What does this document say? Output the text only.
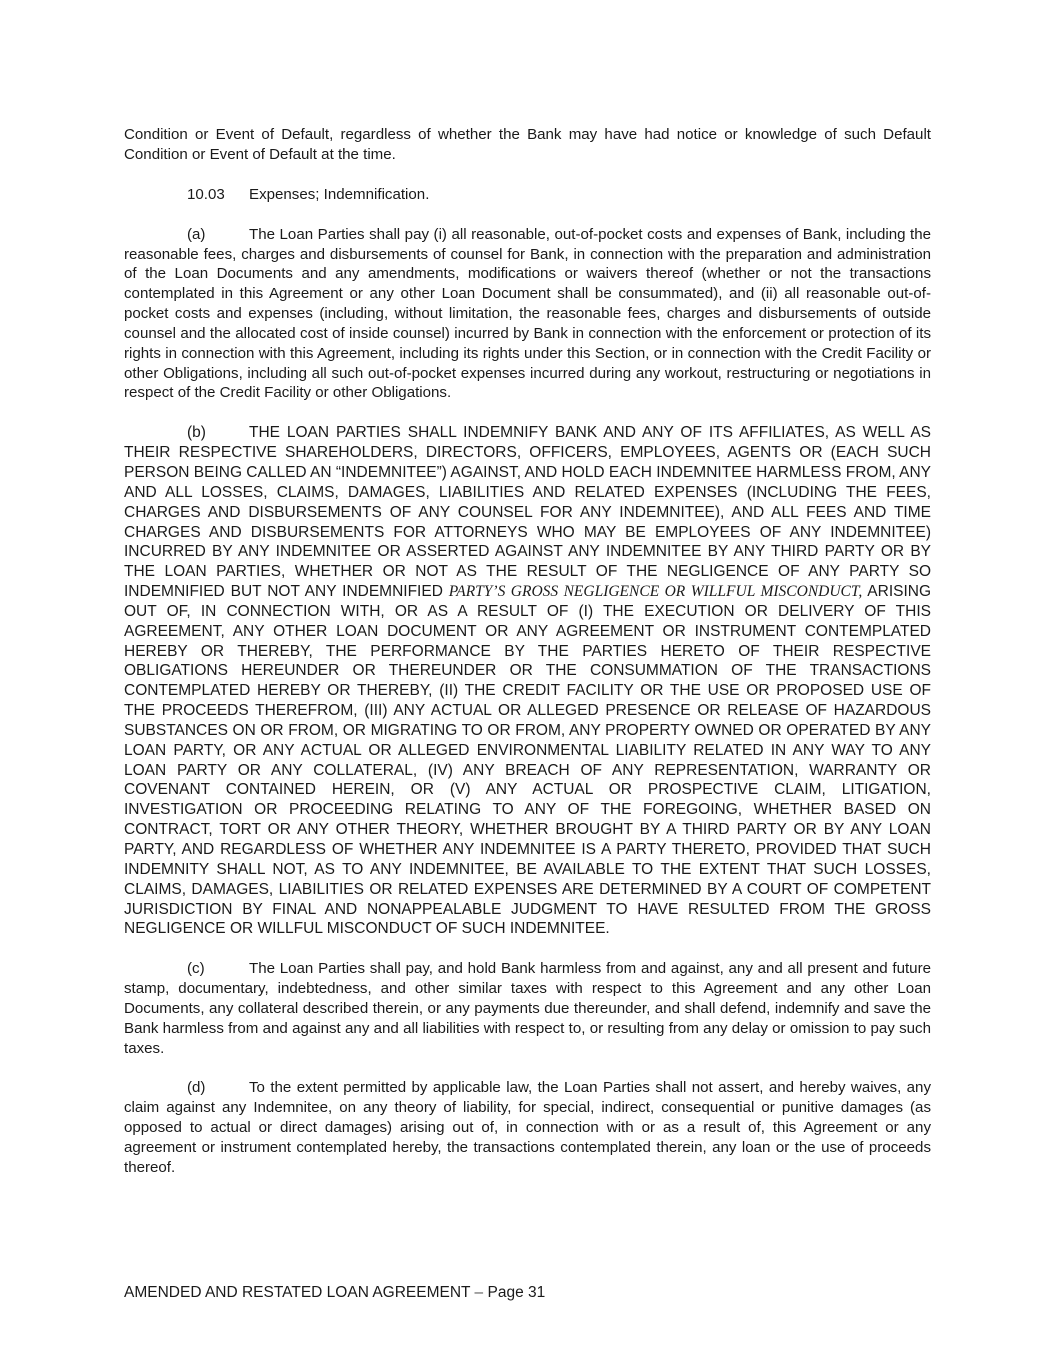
Condition or Event of Default, regardless of whether the Bank may have had notice or knowledge of such Default Condition or Event of Default at the time.

10.03 Expenses; Indemnification.

(a)	The Loan Parties shall pay (i) all reasonable, out-of-pocket costs and expenses of Bank, including the reasonable fees, charges and disbursements of counsel for Bank, in connection with the preparation and administration of the Loan Documents and any amendments, modifications or waivers thereof (whether or not the transactions contemplated in this Agreement or any other Loan Document shall be consummated), and (ii) all reasonable out-of-pocket costs and expenses (including, without limitation, the reasonable fees, charges and disbursements of outside counsel and the allocated cost of inside counsel) incurred by Bank in connection with the enforcement or protection of its rights in connection with this Agreement, including its rights under this Section, or in connection with the Credit Facility or other Obligations, including all such out-of-pocket expenses incurred during any workout, restructuring or negotiations in respect of the Credit Facility or other Obligations.

(b)	THE LOAN PARTIES SHALL INDEMNIFY BANK AND ANY OF ITS AFFILIATES, AS WELL AS THEIR RESPECTIVE SHAREHOLDERS, DIRECTORS, OFFICERS, EMPLOYEES, AGENTS OR (EACH SUCH PERSON BEING CALLED AN “INDEMNITEE”) AGAINST, AND HOLD EACH INDEMNITEE HARMLESS FROM, ANY AND ALL LOSSES, CLAIMS, DAMAGES, LIABILITIES AND RELATED EXPENSES (INCLUDING THE FEES, CHARGES AND DISBURSEMENTS OF ANY COUNSEL FOR ANY INDEMNITEE), AND ALL FEES AND TIME CHARGES AND DISBURSEMENTS FOR ATTORNEYS WHO MAY BE EMPLOYEES OF ANY INDEMNITEE) INCURRED BY ANY INDEMNITEE OR ASSERTED AGAINST ANY INDEMNITEE BY ANY THIRD PARTY OR BY THE LOAN PARTIES, WHETHER OR NOT AS THE RESULT OF THE NEGLIGENCE OF ANY PARTY SO INDEMNIFIED BUT NOT ANY INDEMNIFIED PARTY’S GROSS NEGLIGENCE OR WILLFUL MISCONDUCT, ARISING OUT OF, IN CONNECTION WITH, OR AS A RESULT OF (I) THE EXECUTION OR DELIVERY OF THIS AGREEMENT, ANY OTHER LOAN DOCUMENT OR ANY AGREEMENT OR INSTRUMENT CONTEMPLATED HEREBY OR THEREBY, THE PERFORMANCE BY THE PARTIES HERETO OF THEIR RESPECTIVE OBLIGATIONS HEREUNDER OR THEREUNDER OR THE CONSUMMATION OF THE TRANSACTIONS CONTEMPLATED HEREBY OR THEREBY, (II) THE CREDIT FACILITY OR THE USE OR PROPOSED USE OF THE PROCEEDS THEREFROM, (III) ANY ACTUAL OR ALLEGED PRESENCE OR RELEASE OF HAZARDOUS SUBSTANCES ON OR FROM, OR MIGRATING TO OR FROM, ANY PROPERTY OWNED OR OPERATED BY ANY LOAN PARTY, OR ANY ACTUAL OR ALLEGED ENVIRONMENTAL LIABILITY RELATED IN ANY WAY TO ANY LOAN PARTY OR ANY COLLATERAL, (IV) ANY BREACH OF ANY REPRESENTATION, WARRANTY OR COVENANT CONTAINED HEREIN, OR (V) ANY ACTUAL OR PROSPECTIVE CLAIM, LITIGATION, INVESTIGATION OR PROCEEDING RELATING TO ANY OF THE FOREGOING, WHETHER BASED ON CONTRACT, TORT OR ANY OTHER THEORY, WHETHER BROUGHT BY A THIRD PARTY OR BY ANY LOAN PARTY, AND REGARDLESS OF WHETHER ANY INDEMNITEE IS A PARTY THERETO, PROVIDED THAT SUCH INDEMNITY SHALL NOT, AS TO ANY INDEMNITEE, BE AVAILABLE TO THE EXTENT THAT SUCH LOSSES, CLAIMS, DAMAGES, LIABILITIES OR RELATED EXPENSES ARE DETERMINED BY A COURT OF COMPETENT JURISDICTION BY FINAL AND NONAPPEALABLE JUDGMENT TO HAVE RESULTED FROM THE GROSS NEGLIGENCE OR WILLFUL MISCONDUCT OF SUCH INDEMNITEE.

(c)	The Loan Parties shall pay, and hold Bank harmless from and against, any and all present and future stamp, documentary, indebtedness, and other similar taxes with respect to this Agreement and any other Loan Documents, any collateral described therein, or any payments due thereunder, and shall defend, indemnify and save the Bank harmless from and against any and all liabilities with respect to, or resulting from any delay or omission to pay such taxes.

(d)	To the extent permitted by applicable law, the Loan Parties shall not assert, and hereby waives, any claim against any Indemnitee, on any theory of liability, for special, indirect, consequential or punitive damages (as opposed to actual or direct damages) arising out of, in connection with or as a result of, this Agreement or any agreement or instrument contemplated hereby, the transactions contemplated therein, any loan or the use of proceeds thereof.

AMENDED AND RESTATED LOAN AGREEMENT – Page 31
